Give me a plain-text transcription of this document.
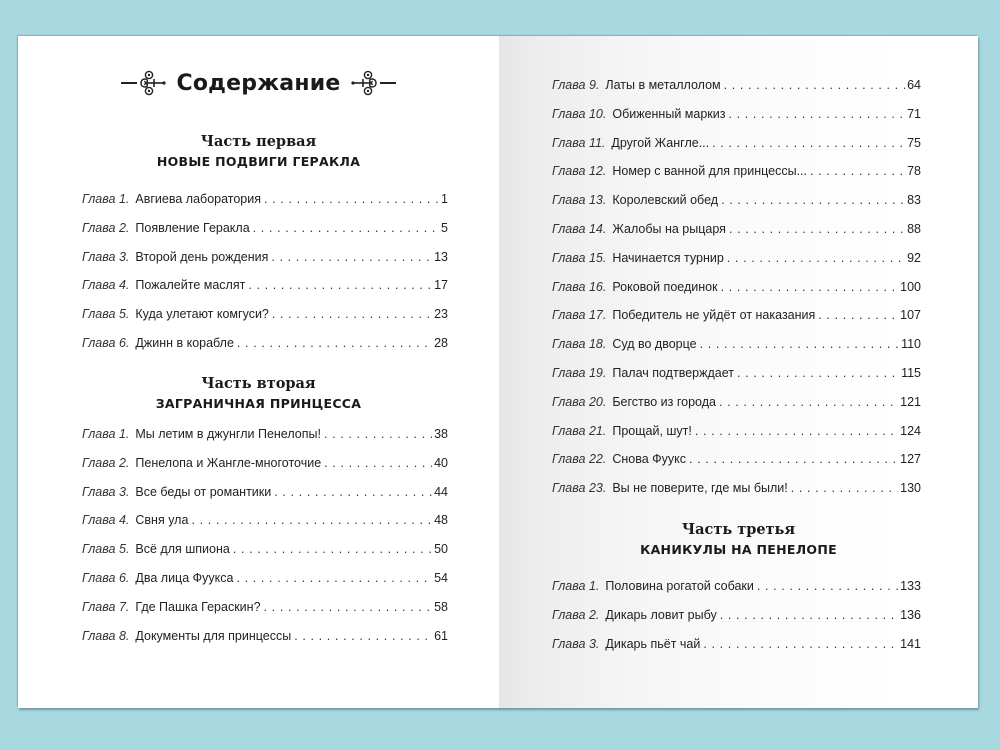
Содержание
Часть первая
НОВЫЕ ПОДВИГИ ГЕРАКЛА
Глава 1. Авгиева лаборатория . . .	1
Глава 2. Появление Геракла . . .	5
Глава 3. Второй день рождения . . .	13
Глава 4. Пожалейте маслят . . .	17
Глава 5. Куда улетают комгуси? . . .	23
Глава 6. Джинн в корабле . . .	28
Часть вторая
ЗАГРАНИЧНАЯ ПРИНЦЕССА
Глава 1. Мы летим в джунгли Пенелопы! . . .	38
Глава 2. Пенелопа и Жангле-многоточие . . .	40
Глава 3. Все беды от романтики . . .	44
Глава 4. Свня ула . . .	48
Глава 5. Всё для шпиона . . .	50
Глава 6. Два лица Фуукса . . .	54
Глава 7. Где Пашка Гераскин? . . .	58
Глава 8. Документы для принцессы . . .	61
Глава 9. Латы в металлолом . . .	64
Глава 10. Обиженный маркиз . . .	71
Глава 11. Другой Жангле... . . .	75
Глава 12. Номер с ванной для принцессы... . . .	78
Глава 13. Королевский обед . . .	83
Глава 14. Жалобы на рыцаря . . .	88
Глава 15. Начинается турнир . . .	92
Глава 16. Роковой поединок . . .	100
Глава 17. Победитель не уйдёт от наказания . . .	107
Глава 18. Суд во дворце . . .	110
Глава 19. Палач подтверждает . . .	115
Глава 20. Бегство из города . . .	121
Глава 21. Прощай, шут! . . .	124
Глава 22. Снова Фуукс . . .	127
Глава 23. Вы не поверите, где мы были! . . .	130
Часть третья
КАНИКУЛЫ НА ПЕНЕЛОПЕ
Глава 1. Половина рогатой собаки . . .	133
Глава 2. Дикарь ловит рыбу . . .	136
Глава 3. Дикарь пьёт чай . . .	141
